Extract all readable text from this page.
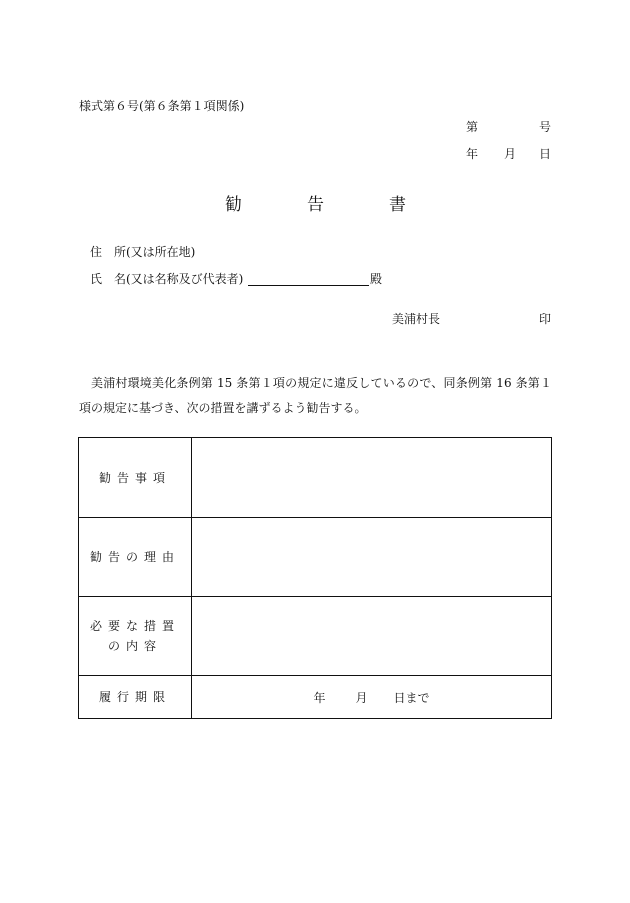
様式第６号(第６条第１項関係)
第	号
年 月 日
勧	告	書
住　所(又は所在地)
氏　名(又は名称及び代表者)	殿
美浦村長	印
美浦村環境美化条例第 15 条第１項の規定に違反しているので、同条例第 16 条第１項の規定に基づき、次の措置を講ずるよう勧告する。
勧告事項	
勧告の理由	
必要な措置の内容	
履行期限	年 月 日まで
